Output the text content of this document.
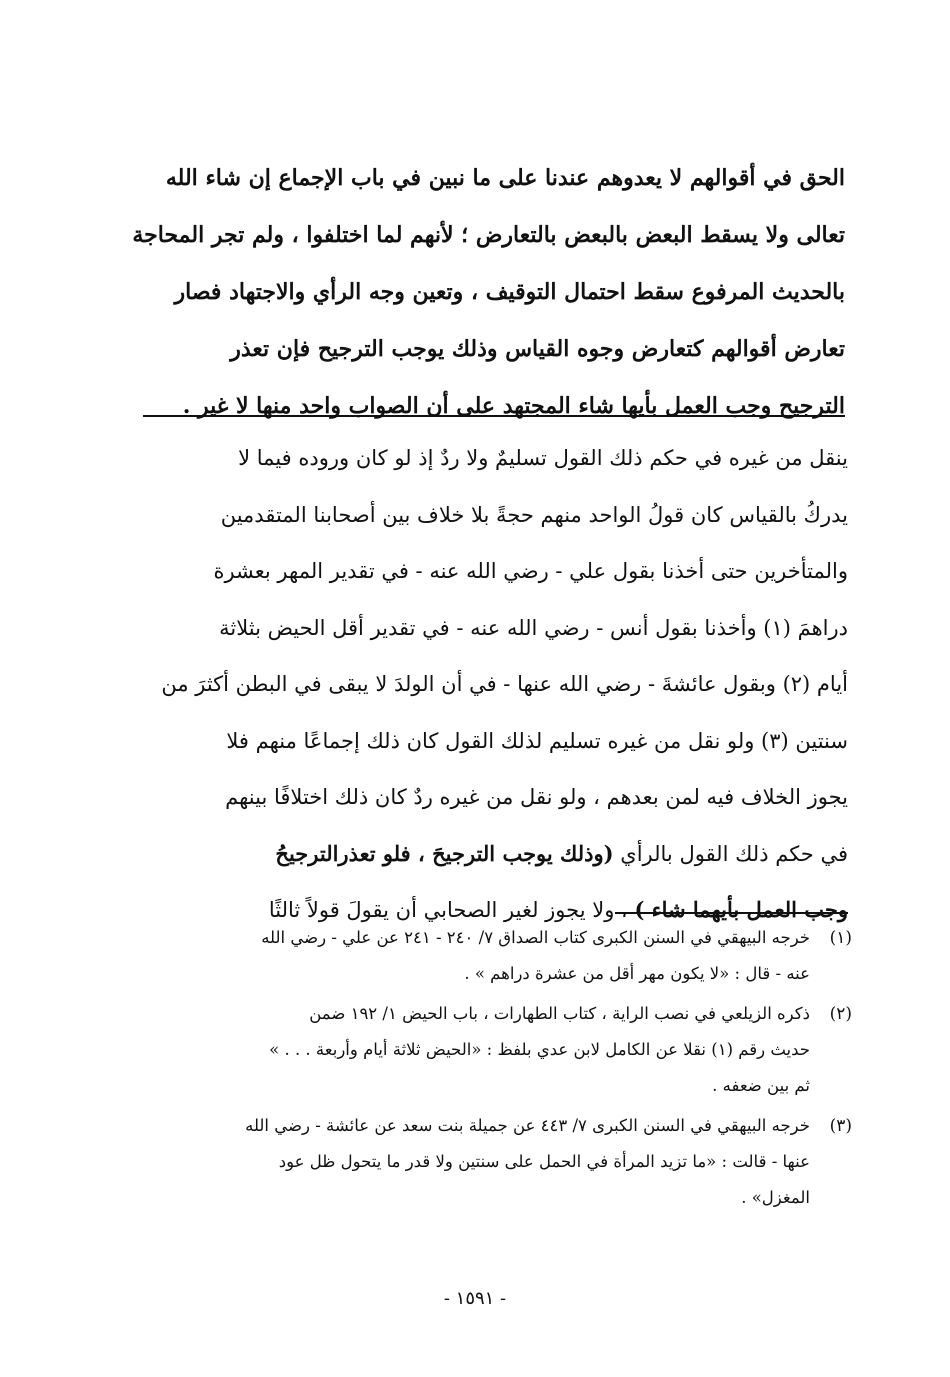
الحق في أقوالهم لا يعدوهم عندنا على ما نبين في باب الإجماع إن شاء الله
تعالى ولا يسقط البعض بالبعض بالتعارض ؛ لأنهم لما اختلفوا ، ولم تجر المحاجة
بالحديث المرفوع سقط احتمال التوقيف ، وتعين وجه الرأي والاجتهاد فصار
تعارض أقوالهم كتعارض وجوه القياس وذلك يوجب الترجيح فإن تعذر
الترجيح وجب العمل بأيها شاء المجتهد على أن الصواب واحد منها لا غير .
ينقل من غيره في حكم ذلك القول تسليمٌ ولا ردٌ إذ لو كان وروده فيما لا
يدركُ بالقياس كان قولُ الواحد منهم حجةً بلا خلاف بين أصحابنا المتقدمين
والمتأخرين حتى أخذنا بقول علي - رضي الله عنه - في تقدير المهر بعشرة
دراهمَ (١) وأخذنا بقول أنس - رضي الله عنه - في تقدير أقل الحيض بثلاثة
أيام (٢) وبقول عائشةَ - رضي الله عنها - في أن الولدَ لا يبقى في البطن أكثرَ من
سنتين (٣) ولو نقل من غيره تسليم لذلك القول كان ذلك إجماعًا منهم فلا
يجوز الخلاف فيه لمن بعدهم ، ولو نقل من غيره ردٌ كان ذلك اختلافًا بينهم
في حكم ذلك القول بالرأي (وذلك يوجب الترجيحَ ، فلو تعذرالترجيحُ
وجب العمل بأيهما شاء ) ، ولا يجوز لغير الصحابي أن يقولَ قولاً ثالثًا
(١)
خرجه البيهقي في السنن الكبرى كتاب الصداق ٧/ ٢٤٠ - ٢٤١ عن علي - رضي الله
عنه - قال : «لا يكون مهر أقل من عشرة دراهم » .
(٢)
ذكره الزيلعي في نصب الراية ، كتاب الطهارات ، باب الحيض ١/ ١٩٢ ضمن
حديث رقم (١) نقلا عن الكامل لابن عدي بلفظ : «الحيض ثلاثة أيام وأربعة . . . »
ثم بين ضعفه .
(٣)
خرجه البيهقي في السنن الكبرى ٧/ ٤٤٣ عن جميلة بنت سعد عن عائشة - رضي الله
عنها - قالت : «ما تزيد المرأة في الحمل على سنتين ولا قدر ما يتحول ظل عود
المغزل» .
- ١٥٩١ -
